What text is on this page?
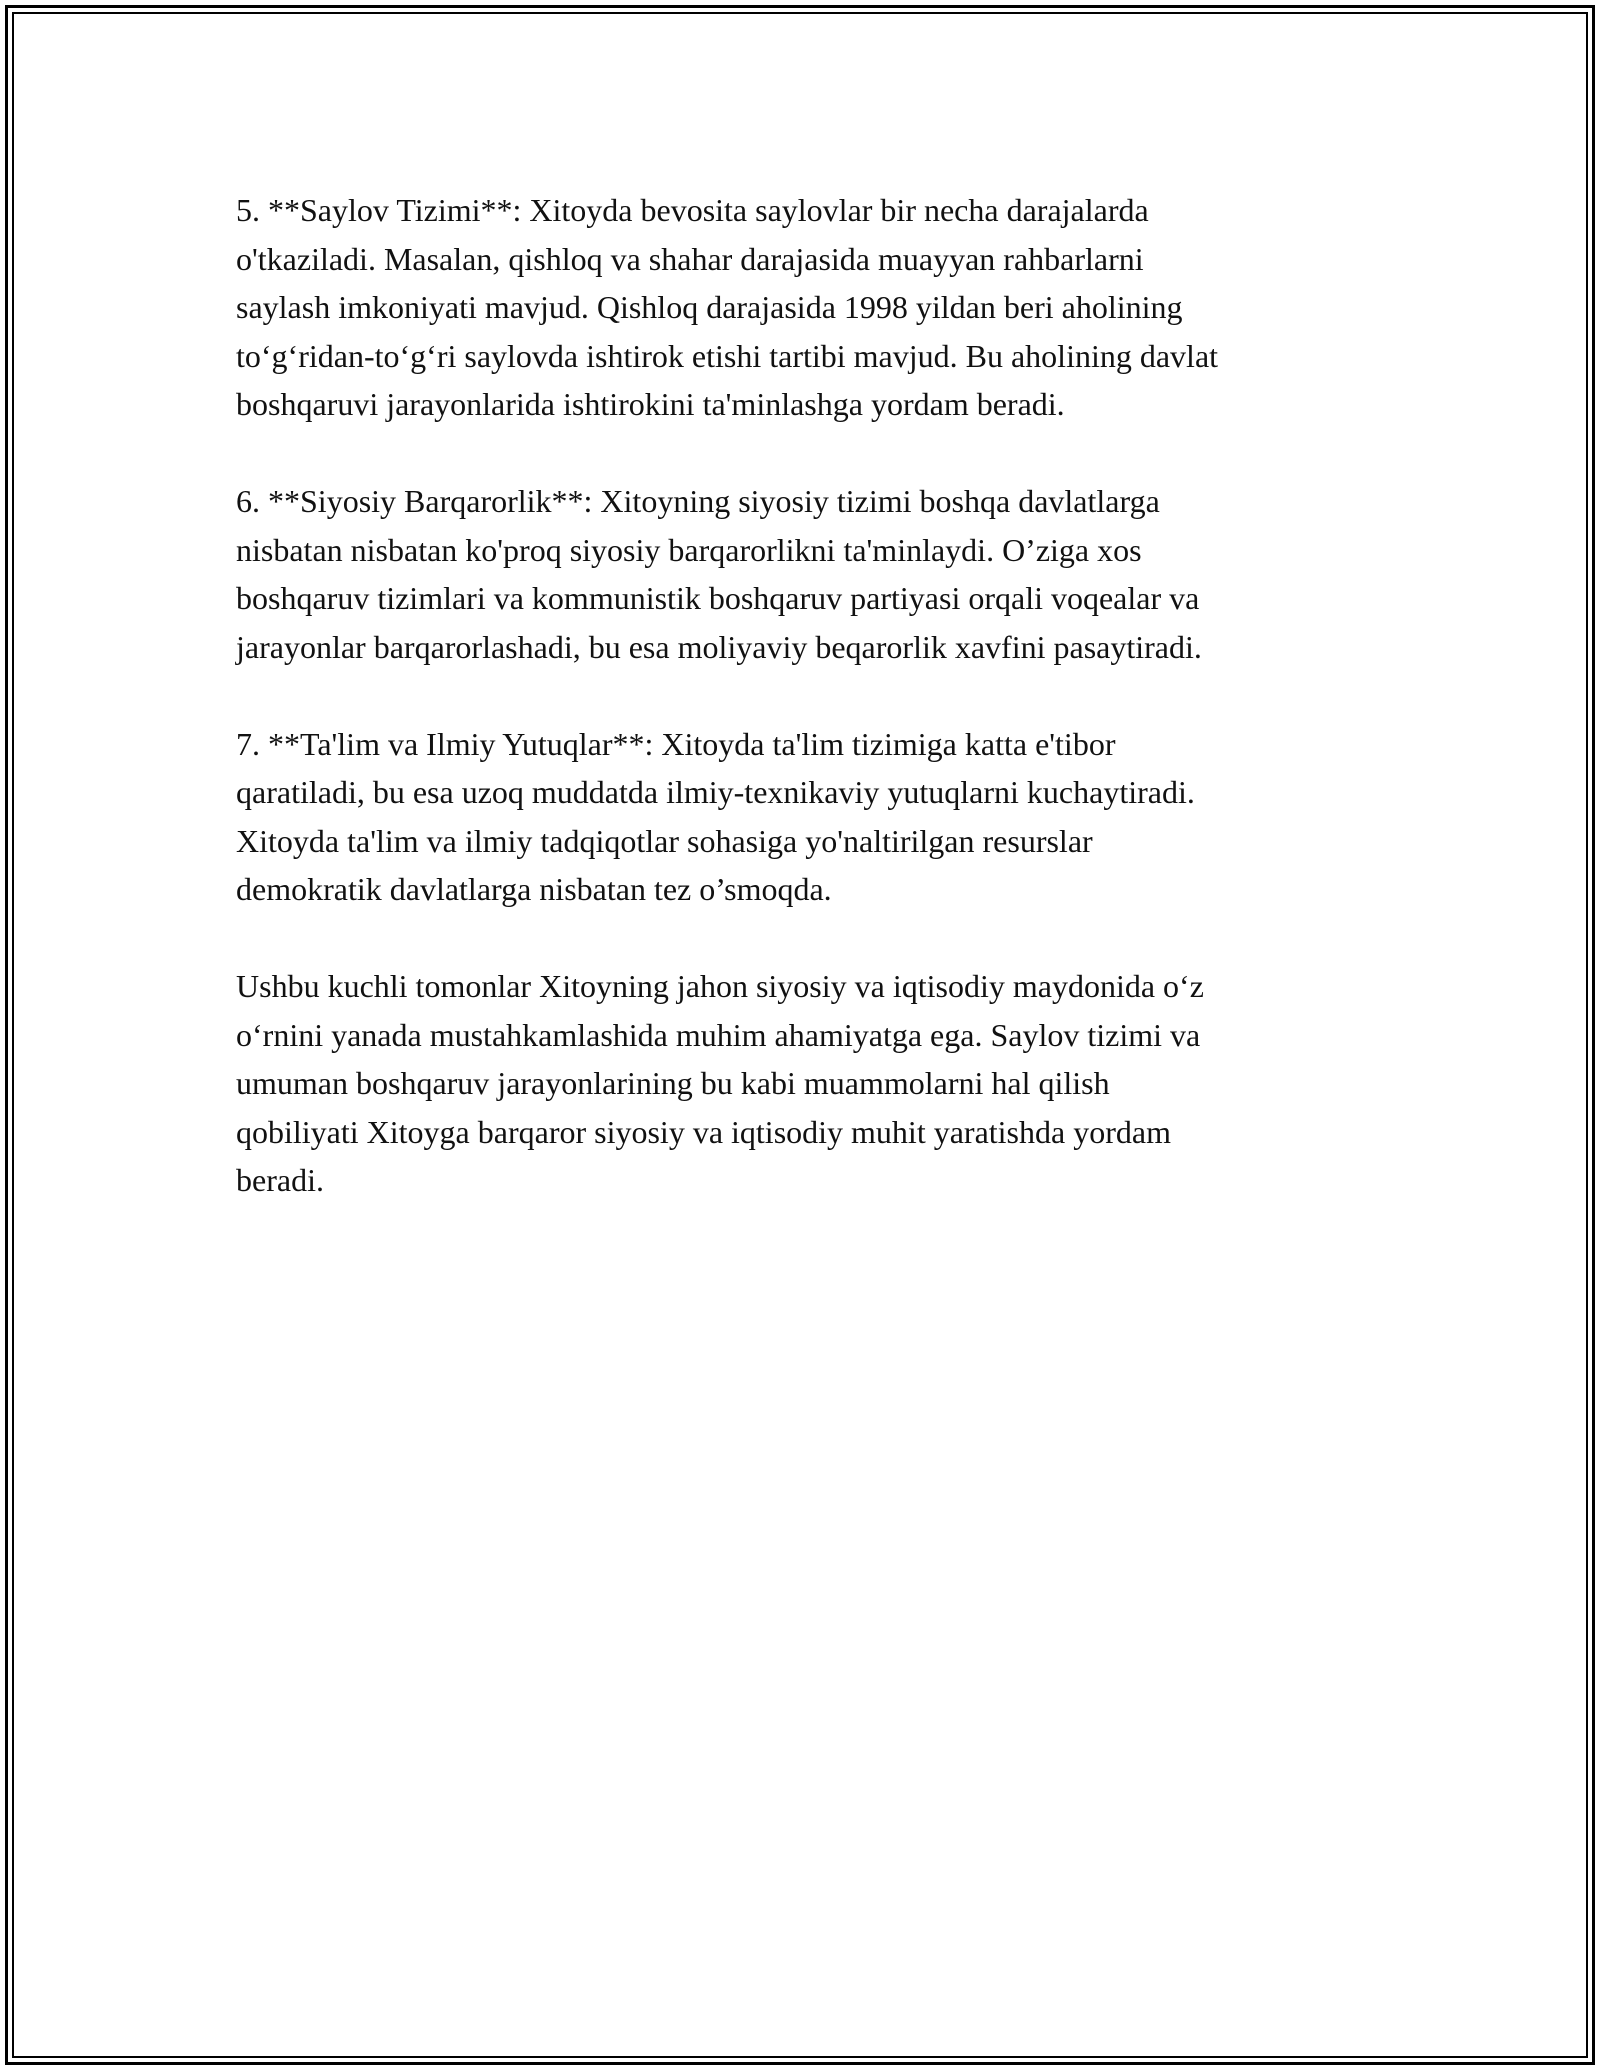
5. **Saylov Tizimi**: Xitoyda bevosita saylovlar bir necha darajalarda
o'tkaziladi. Masalan, qishloq va shahar darajasida muayyan rahbarlarni
saylash imkoniyati mavjud. Qishloq darajasida 1998 yildan beri aholining
to‘g‘ridan-to‘g‘ri saylovda ishtirok etishi tartibi mavjud. Bu aholining davlat
boshqaruvi jarayonlarida ishtirokini ta'minlashga yordam beradi.

6. **Siyosiy Barqarorlik**: Xitoyning siyosiy tizimi boshqa davlatlarga
nisbatan nisbatan ko'proq siyosiy barqarorlikni ta'minlaydi. O’ziga xos
boshqaruv tizimlari va kommunistik boshqaruv partiyasi orqali voqealar va
jarayonlar barqarorlashadi, bu esa moliyaviy beqarorlik xavfini pasaytiradi.

7. **Ta'lim va Ilmiy Yutuqlar**: Xitoyda ta'lim tizimiga katta e'tibor
qaratiladi, bu esa uzoq muddatda ilmiy-texnikaviy yutuqlarni kuchaytiradi.
Xitoyda ta'lim va ilmiy tadqiqotlar sohasiga yo'naltirilgan resurslar
demokratik davlatlarga nisbatan tez o’smoqda.

Ushbu kuchli tomonlar Xitoyning jahon siyosiy va iqtisodiy maydonida o‘z
o‘rnini yanada mustahkamlashida muhim ahamiyatga ega. Saylov tizimi va
umuman boshqaruv jarayonlarining bu kabi muammolarni hal qilish
qobiliyati Xitoyga barqaror siyosiy va iqtisodiy muhit yaratishda yordam
beradi.
